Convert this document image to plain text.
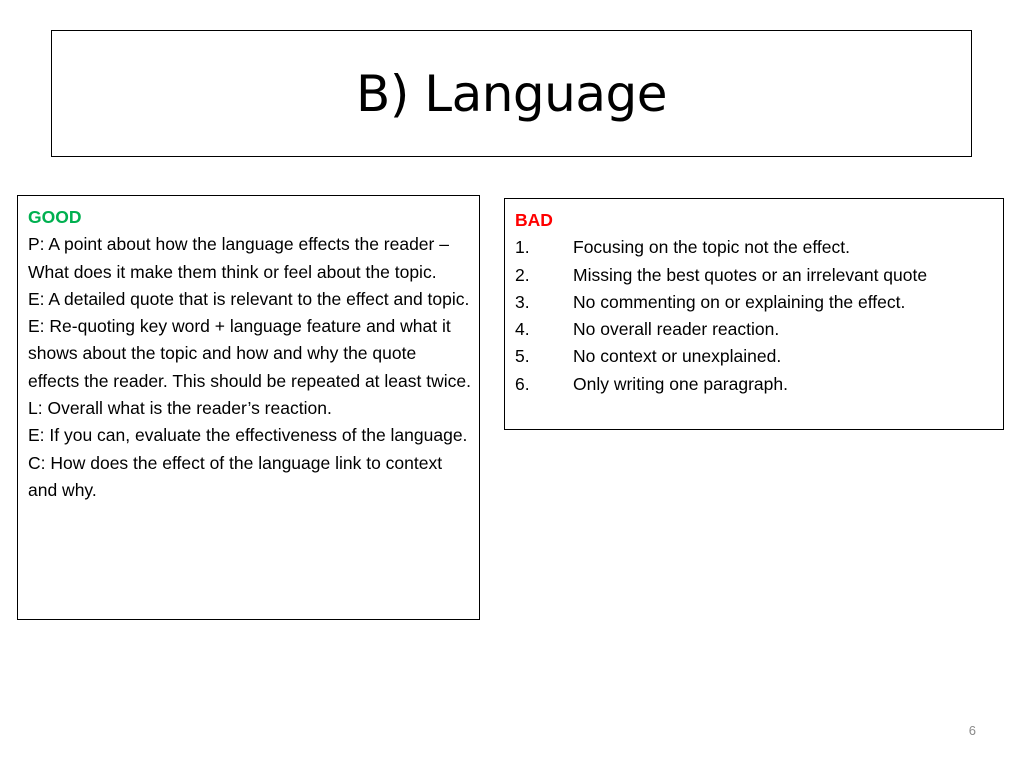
B) Language
GOOD
P: A point about how the language effects the reader – What does it make them think or feel about the topic.
E: A detailed quote that is relevant to the effect and topic.
E: Re-quoting key word + language feature and what it shows about the topic and how and why the quote effects the reader. This should be repeated at least twice.
L: Overall what is the reader’s reaction.
E: If you can, evaluate the effectiveness of the language.
C: How does the effect of the language link to context and why.
BAD
1.	Focusing on the topic not the effect.
2.	Missing the best quotes or an irrelevant quote
3.	No commenting on or explaining the effect.
4.	No overall reader reaction.
5.	No context or unexplained.
6.	Only writing one paragraph.
6
